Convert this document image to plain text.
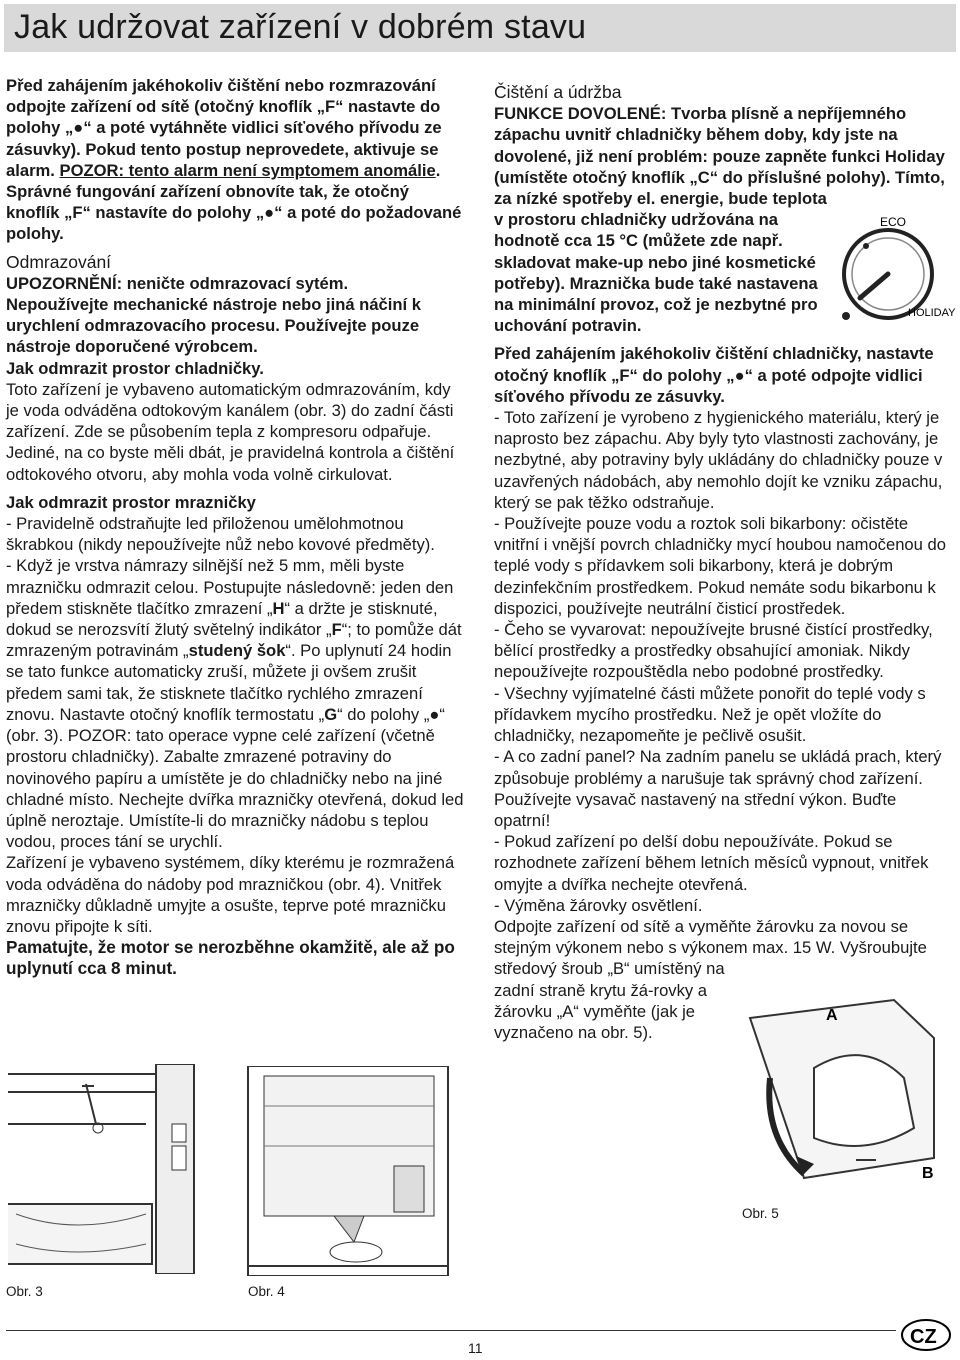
Jak udržovat zařízení v dobrém stavu

Před zahájením jakéhokoliv čištění nebo rozmrazování odpojte zařízení od sítě (otočný knoflík „F“ nastavte do polohy „●“ a poté vytáhněte vidlici síťového přívodu ze zásuvky). Pokud tento postup neprovedete, aktivuje se alarm. POZOR: tento alarm není symptomem anomálie. Správné fungování zařízení obnovíte tak, že otočný knoflík „F“ nastavíte do polohy „●“ a poté do požadované polohy.

Odmrazování

UPOZORNĚNÍ: neničte odmrazovací sytém.

Nepoužívejte mechanické nástroje nebo jiná náčiní k urychlení odmrazovacího procesu. Používejte pouze nástroje doporučené výrobcem.

Jak odmrazit prostor chladničky.

Toto zařízení je vybaveno automatickým odmrazováním, kdy je voda odváděna odtokovým kanálem (obr. 3) do zadní části zařízení. Zde se působením tepla z kompresoru odpařuje. Jediné, na co byste měli dbát, je pravidelná kontrola a čištění odtokového otvoru, aby mohla voda volně cirkulovat.

Jak odmrazit prostor mrazničky

- Pravidelně odstraňujte led přiloženou umělohmotnou škrabkou (nikdy nepoužívejte nůž nebo kovové předměty).

- Když je vrstva námrazy silnější než 5 mm, měli byste mrazničku odmrazit celou. Postupujte následovně: jeden den předem stiskněte tlačítko zmrazení „H“ a držte je stisknuté, dokud se nerozsvítí žlutý světelný indikátor „F“; to pomůže dát zmrazeným potravinám „studený šok“. Po uplynutí 24 hodin se tato funkce automaticky zruší, můžete ji ovšem zrušit předem sami tak, že stisknete tlačítko rychlého zmrazení znovu. Nastavte otočný knoflík termostatu „G“ do polohy „●“ (obr. 3). POZOR: tato operace vypne celé zařízení (včetně prostoru chladničky). Zabalte zmrazené potraviny do novinového papíru a umístěte je do chladničky nebo na jiné chladné místo. Nechejte dvířka mrazničky otevřená, dokud led úplně neroztaje. Umístíte-li do mrazničky nádobu s teplou vodou, proces tání se urychlí.

Zařízení je vybaveno systémem, díky kterému je rozmražená voda odváděna do nádoby pod mrazničkou (obr. 4). Vnitřek mrazničky důkladně umyjte a osušte, teprve poté mrazničku znovu připojte k síti.

Pamatujte, že motor se nerozběhne okamžitě, ale až po uplynutí cca 8 minut.

Čištění a údržba

FUNKCE DOVOLENÉ: Tvorba plísně a nepříjemného zápachu uvnitř chladničky během doby, kdy jste na dovolené, již není problém: pouze zapněte funkci Holiday (umístěte otočný knoflík „C“ do příslušné polohy). Tímto, za nízké spotřeby el. energie, bude teplota
v prostoru chladničky udržována na hodnotě cca 15 °C (můžete zde např. skladovat make-up nebo jiné kosmetické potřeby). Mraznička bude také nastavena na minimální provoz, což je nezbytné pro uchování potravin.

Před zahájením jakéhokoliv čištění chladničky, nastavte otočný knoflík „F“ do polohy „●“ a poté odpojte vidlici síťového přívodu ze zásuvky.

- Toto zařízení je vyrobeno z hygienického materiálu, který je naprosto bez zápachu. Aby byly tyto vlastnosti zachovány, je nezbytné, aby potraviny byly ukládány do chladničky pouze v uzavřených nádobách, aby nemohlo dojít ke vzniku zápachu, který se pak těžko odstraňuje.

- Používejte pouze vodu a roztok soli bikarbony: očistěte vnitřní i vnější povrch chladničky mycí houbou namočenou do teplé vody s přídavkem soli bikarbony, která je dobrým dezinfekčním prostředkem. Pokud nemáte sodu bikarbonu k dispozici, používejte neutrální čisticí prostředek.

- Čeho se vyvarovat: nepoužívejte brusné čistící prostředky, bělící prostředky a prostředky obsahující amoniak. Nikdy nepoužívejte rozpouštědla nebo podobné prostředky.

- Všechny vyjímatelné části můžete ponořit do teplé vody s přídavkem mycího prostředku. Než je opět vložíte do chladničky, nezapomeňte je pečlivě osušit.

- A co zadní panel? Na zadním panelu se ukládá prach, který způsobuje problémy a narušuje tak správný chod zařízení. Používejte vysavač nastavený na střední výkon. Buďte opatrní!

- Pokud zařízení po delší dobu nepoužíváte. Pokud se rozhodnete zařízení během letních měsíců vypnout, vnitřek omyjte a dvířka nechejte otevřená.

- Výměna žárovky osvětlení.

Odpojte zařízení od sítě a vyměňte žárovku za novou se stejným výkonem nebo s výkonem max. 15 W. Vyšroubujte

středový šroub „B“ umístěný na zadní straně krytu žá-rovky a žárovku „A“ vyměňte (jak je vyznačeno na obr. 5).

ECO
HOLIDAY
Obr. 3	Obr. 4
A
B
Obr. 5
11	CZ
